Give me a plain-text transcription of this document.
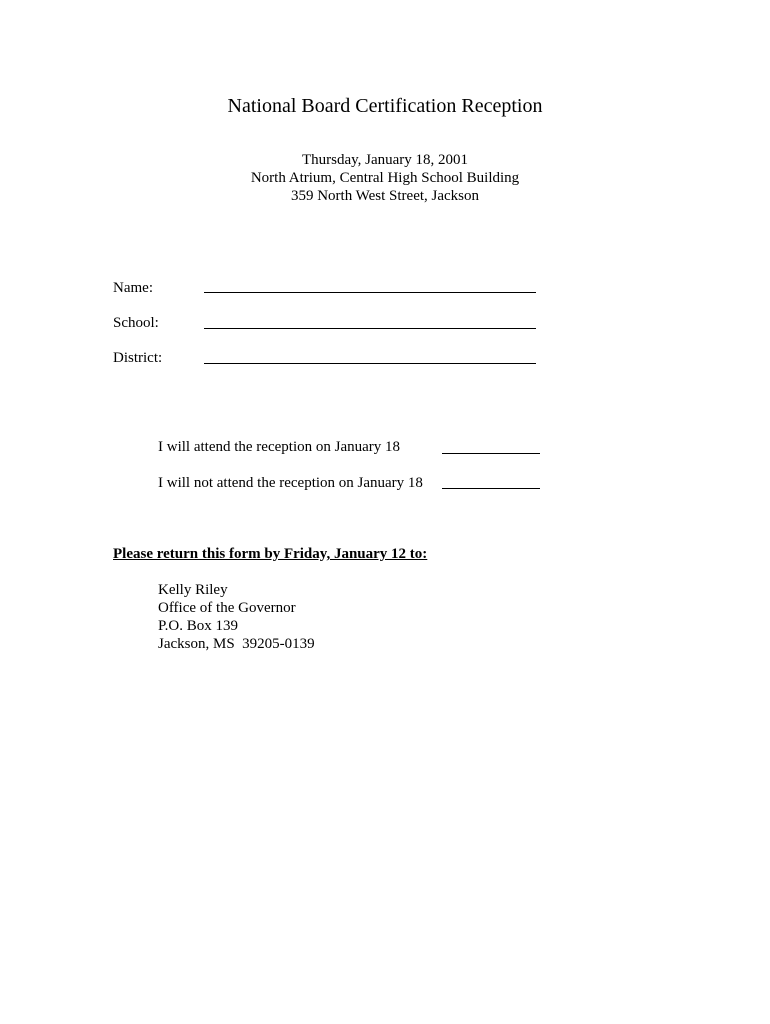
National Board Certification Reception
Thursday, January 18, 2001
North Atrium, Central High School Building
359 North West Street, Jackson
Name:
School:
District:
I will attend the reception on January 18
I will not attend the reception on January 18
Please return this form by Friday, January 12 to:
Kelly Riley
Office of the Governor
P.O. Box 139
Jackson, MS  39205-0139
